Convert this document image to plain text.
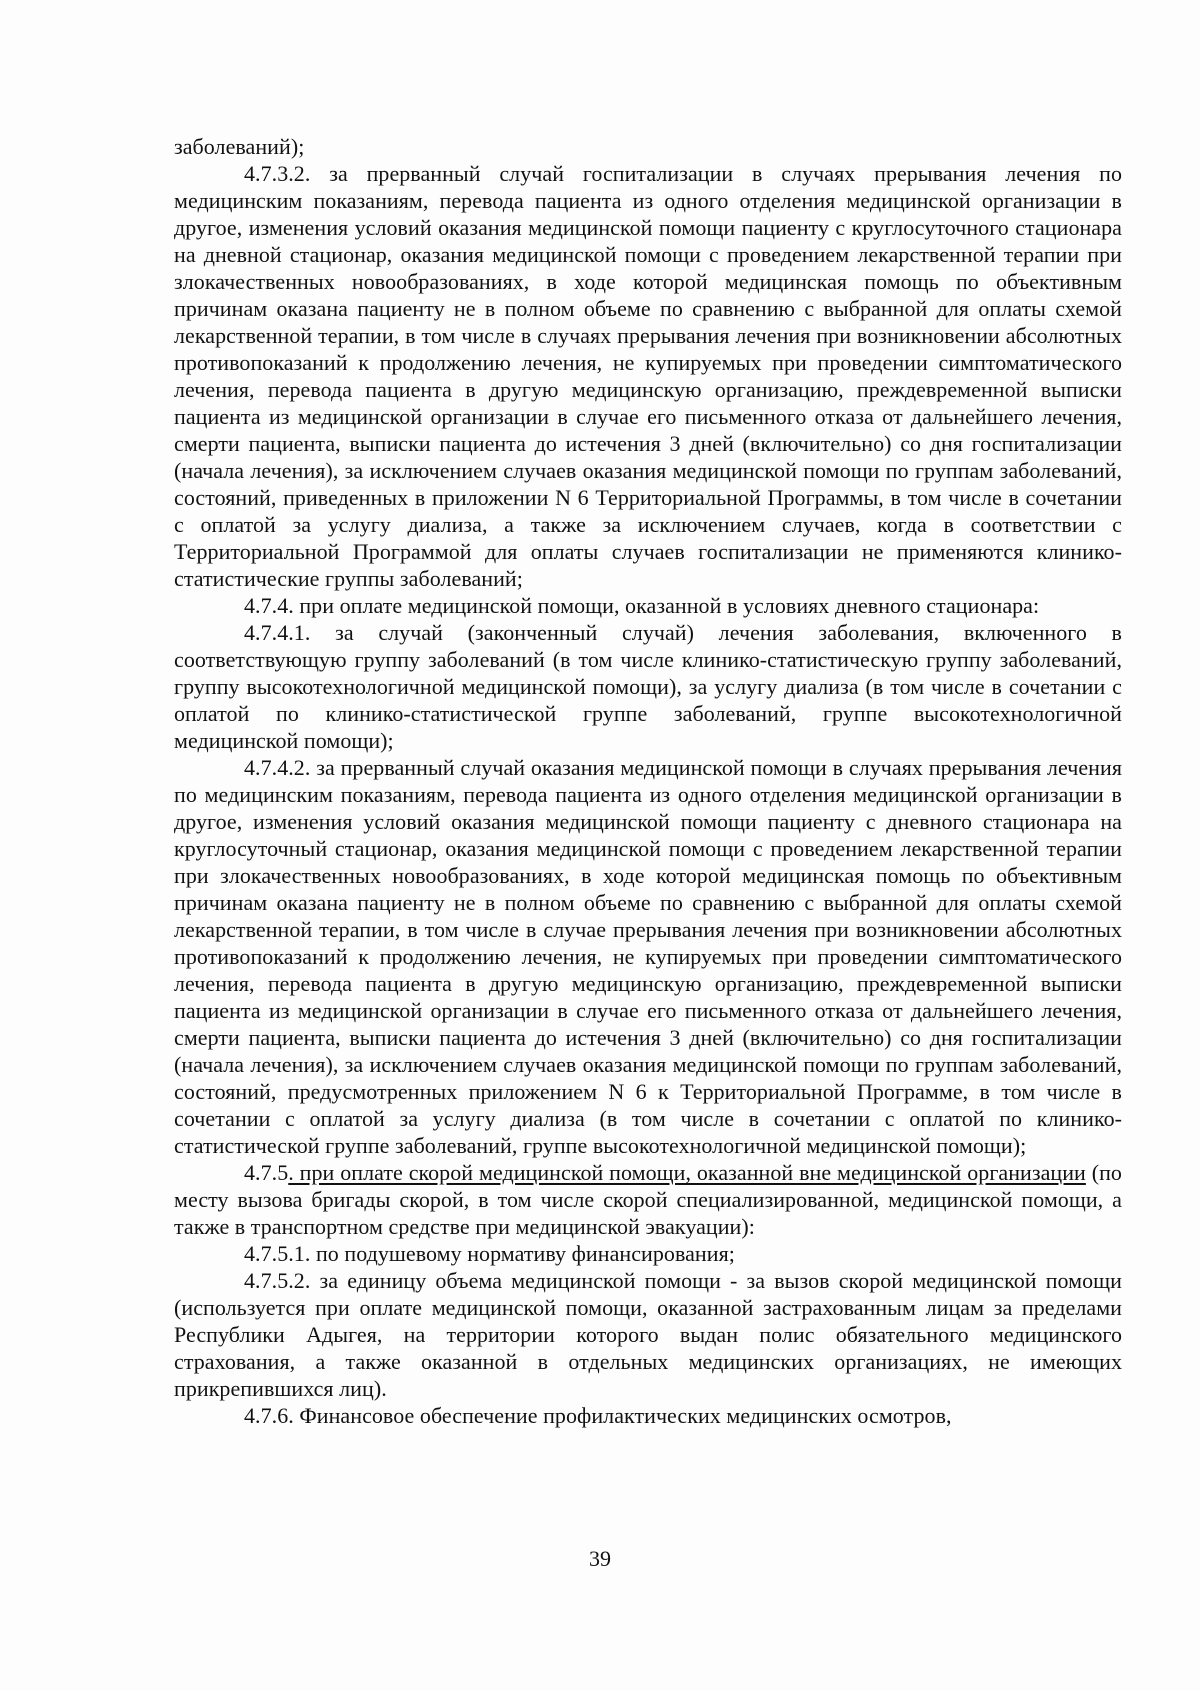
заболеваний);

4.7.3.2. за прерванный случай госпитализации в случаях прерывания лечения по медицинским показаниям, перевода пациента из одного отделения медицинской организации в другое, изменения условий оказания медицинской помощи пациенту с круглосуточного стационара на дневной стационар, оказания медицинской помощи с проведением лекарственной терапии при злокачественных новообразованиях, в ходе которой медицинская помощь по объективным причинам оказана пациенту не в полном объеме по сравнению с выбранной для оплаты схемой лекарственной терапии, в том числе в случаях прерывания лечения при возникновении абсолютных противопоказаний к продолжению лечения, не купируемых при проведении симптоматического лечения, перевода пациента в другую медицинскую организацию, преждевременной выписки пациента из медицинской организации в случае его письменного отказа от дальнейшего лечения, смерти пациента, выписки пациента до истечения 3 дней (включительно) со дня госпитализации (начала лечения), за исключением случаев оказания медицинской помощи по группам заболеваний, состояний, приведенных в приложении N 6 Территориальной Программы, в том числе в сочетании с оплатой за услугу диализа, а также за исключением случаев, когда в соответствии с Территориальной Программой для оплаты случаев госпитализации не применяются клинико-статистические группы заболеваний;

4.7.4. при оплате медицинской помощи, оказанной в условиях дневного стационара:

4.7.4.1. за случай (законченный случай) лечения заболевания, включенного в соответствующую группу заболеваний (в том числе клинико-статистическую группу заболеваний, группу высокотехнологичной медицинской помощи), за услугу диализа (в том числе в сочетании с оплатой по клинико-статистической группе заболеваний, группе высокотехнологичной медицинской помощи);

4.7.4.2. за прерванный случай оказания медицинской помощи в случаях прерывания лечения по медицинским показаниям, перевода пациента из одного отделения медицинской организации в другое, изменения условий оказания медицинской помощи пациенту с дневного стационара на круглосуточный стационар, оказания медицинской помощи с проведением лекарственной терапии при злокачественных новообразованиях, в ходе которой медицинская помощь по объективным причинам оказана пациенту не в полном объеме по сравнению с выбранной для оплаты схемой лекарственной терапии, в том числе в случае прерывания лечения при возникновении абсолютных противопоказаний к продолжению лечения, не купируемых при проведении симптоматического лечения, перевода пациента в другую медицинскую организацию, преждевременной выписки пациента из медицинской организации в случае его письменного отказа от дальнейшего лечения, смерти пациента, выписки пациента до истечения 3 дней (включительно) со дня госпитализации (начала лечения), за исключением случаев оказания медицинской помощи по группам заболеваний, состояний, предусмотренных приложением N 6 к Территориальной Программе, в том числе в сочетании с оплатой за услугу диализа (в том числе в сочетании с оплатой по клинико-статистической группе заболеваний, группе высокотехнологичной медицинской помощи);

4.7.5. при оплате скорой медицинской помощи, оказанной вне медицинской организации (по месту вызова бригады скорой, в том числе скорой специализированной, медицинской помощи, а также в транспортном средстве при медицинской эвакуации):

4.7.5.1. по подушевому нормативу финансирования;

4.7.5.2. за единицу объема медицинской помощи - за вызов скорой медицинской помощи (используется при оплате медицинской помощи, оказанной застрахованным лицам за пределами Республики Адыгея, на территории которого выдан полис обязательного медицинского страхования, а также оказанной в отдельных медицинских организациях, не имеющих прикрепившихся лиц).

4.7.6. Финансовое обеспечение профилактических медицинских осмотров,

39
